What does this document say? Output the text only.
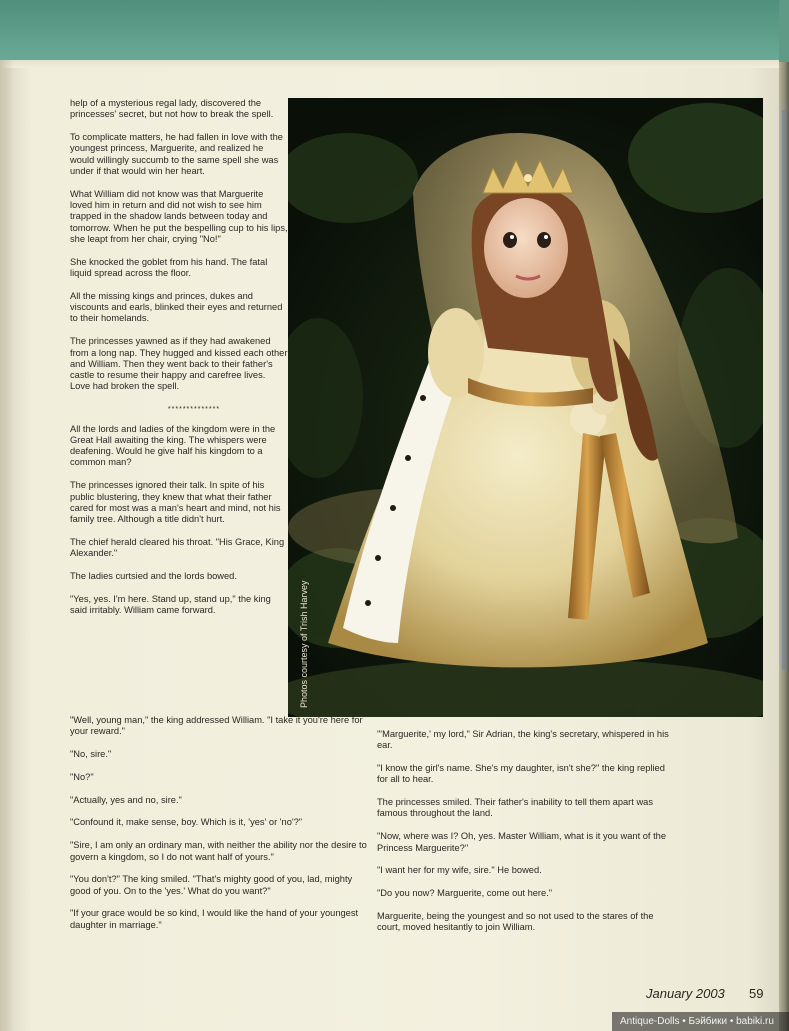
help of a mysterious regal lady, discovered the princesses' secret, but not how to break the spell.

To complicate matters, he had fallen in love with the youngest princess, Marguerite, and realized he would willingly succumb to the same spell she was under if that would win her heart.

What William did not know was that Marguerite loved him in return and did not wish to see him trapped in the shadow lands between today and tomorrow. When he put the bespelling cup to his lips, she leapt from her chair, crying "No!"

She knocked the goblet from his hand. The fatal liquid spread across the floor.

All the missing kings and princes, dukes and viscounts and earls, blinked their eyes and returned to their homelands.

The princesses yawned as if they had awakened from a long nap. They hugged and kissed each other and William. Then they went back to their father's castle to resume their happy and carefree lives. Love had broken the spell.

**************

All the lords and ladies of the kingdom were in the Great Hall awaiting the king. The whispers were deafening. Would he give half his kingdom to a common man?

The princesses ignored their talk. In spite of his public blustering, they knew that what their father cared for most was a man's heart and mind, not his family tree. Although a title didn't hurt.

The chief herald cleared his throat. "His Grace, King Alexander."

The ladies curtsied and the lords bowed.

"Yes, yes. I'm here. Stand up, stand up," the king said irritably. William came forward.	Photos courtesy of Trish Harvey

"Well, young man," the king addressed William. "I take it you're here for your reward."

"No, sire."

"No?"

"Actually, yes and no, sire."

"Confound it, make sense, boy. Which is it, 'yes' or 'no'?"

"Sire, I am only an ordinary man, with neither the ability nor the desire to govern a kingdom, so I do not want half of yours."

"You don't?" The king smiled. "That's mighty good of you, lad, mighty good of you. On to the 'yes.' What do you want?"

"If your grace would be so kind, I would like the hand of your youngest daughter in marriage."

"'Marguerite,' my lord," Sir Adrian, the king's secretary, whispered in his ear.

"I know the girl's name. She's my daughter, isn't she?" the king replied for all to hear.

The princesses smiled. Their father's inability to tell them apart was famous throughout the land.

"Now, where was I? Oh, yes. Master William, what is it you want of the Princess Marguerite?"

"I want her for my wife, sire." He bowed.

"Do you now? Marguerite, come out here."

Marguerite, being the youngest and so not used to the stares of the court, moved hesitantly to join William.

January 2003 59
Antique-Dolls • Бэйбики • babiki.ru
